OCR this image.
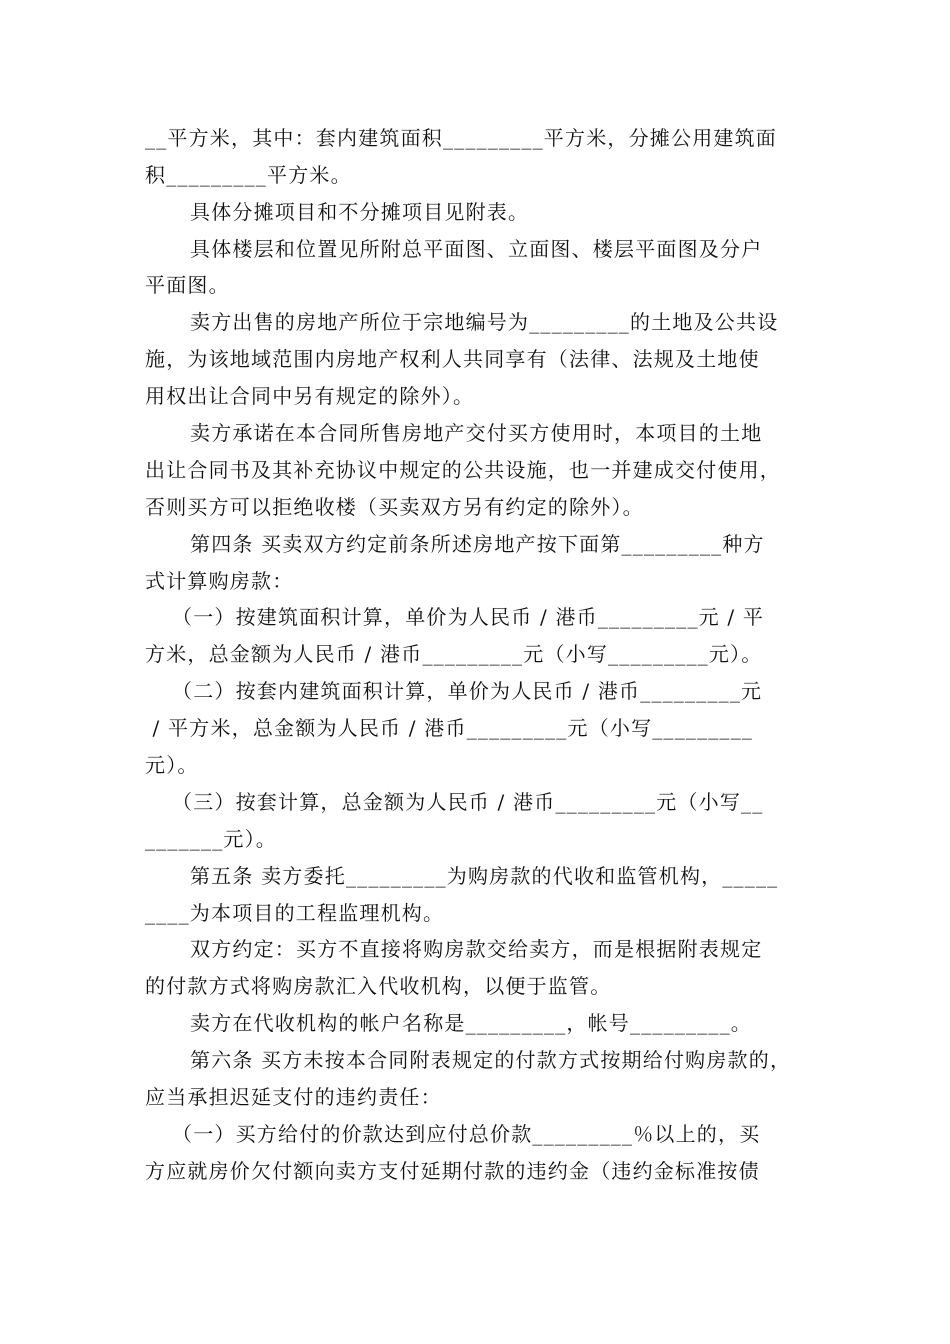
__平方米，其中：套内建筑面积_________平方米，分摊公用建筑面
积_________平方米。
具体分摊项目和不分摊项目见附表。
具体楼层和位置见所附总平面图、立面图、楼层平面图及分户
平面图。
卖方出售的房地产所位于宗地编号为_________的土地及公共设
施，为该地域范围内房地产权利人共同享有（法律、法规及土地使
用权出让合同中另有规定的除外）。
卖方承诺在本合同所售房地产交付买方使用时，本项目的土地
出让合同书及其补充协议中规定的公共设施，也一并建成交付使用，
否则买方可以拒绝收楼（买卖双方另有约定的除外）。
第四条 买卖双方约定前条所述房地产按下面第_________种方
式计算购房款：
（一）按建筑面积计算，单价为人民币 / 港币_________元 / 平
方米，总金额为人民币 / 港币_________元（小写_________元）。
（二）按套内建筑面积计算，单价为人民币 / 港币_________元
/ 平方米，总金额为人民币 / 港币_________元（小写_________
元）。
（三）按套计算，总金额为人民币 / 港币_________元（小写__
_______元）。
第五条 卖方委托_________为购房款的代收和监管机构，_____
____为本项目的工程监理机构。
双方约定：买方不直接将购房款交给卖方，而是根据附表规定
的付款方式将购房款汇入代收机构，以便于监管。
卖方在代收机构的帐户名称是_________，帐号_________。
第六条 买方未按本合同附表规定的付款方式按期给付购房款的，
应当承担迟延支付的违约责任：
（一）买方给付的价款达到应付总价款_________％以上的，买
方应就房价欠付额向卖方支付延期付款的违约金（违约金标准按债
